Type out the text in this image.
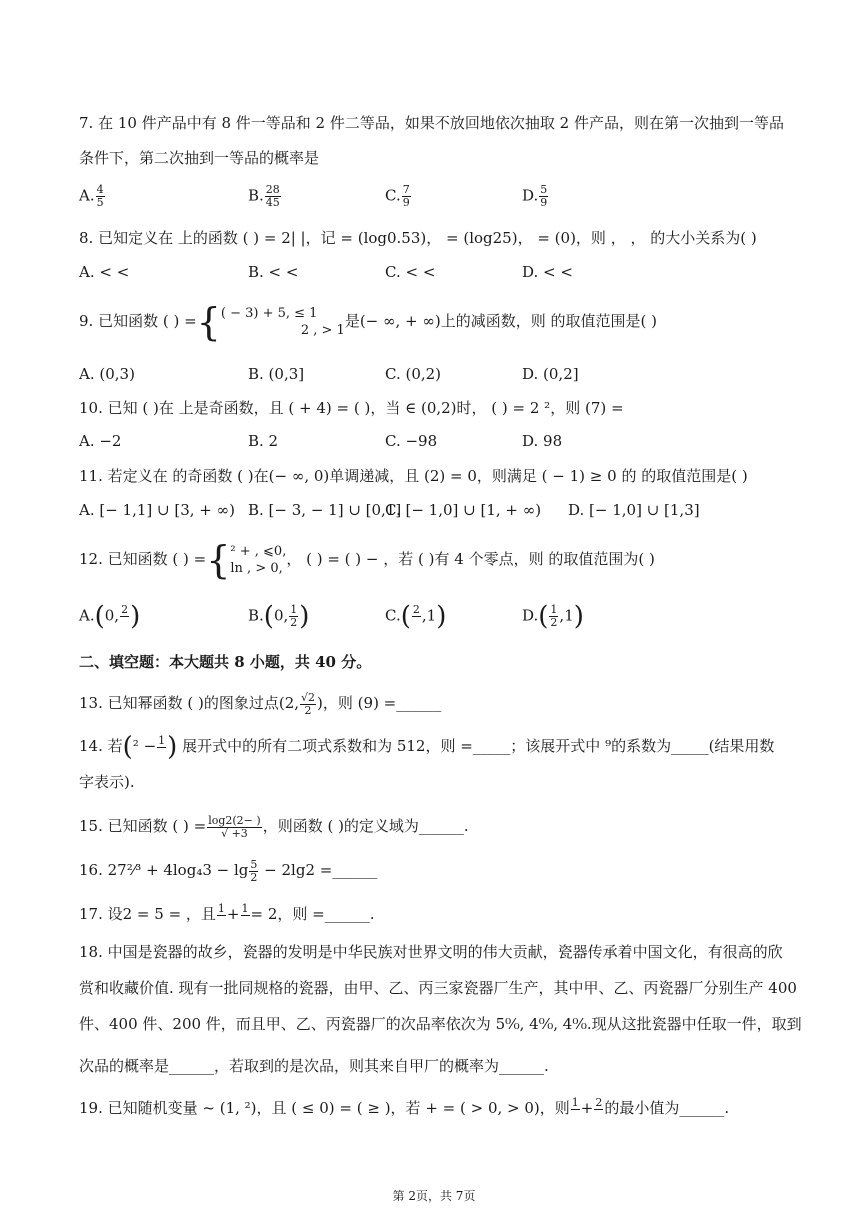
7. 在 10 件产品中有 8 件一等品和 2 件二等品，如果不放回地依次抽取 2 件产品，则在第一次抽到一等品
条件下，第二次抽到一等品的概率是
A. $\frac{4}{5}$	B. $\frac{28}{45}$	C. $\frac{7}{9}$	D. $\frac{5}{9}$
8. 已知定义在 上的函数 ( ) = 2| |，记 = (log0.53)， = (log25)， = (0)，则 ， ， 的大小关系为( )
A. < <	B. < <	C. < <	D. < <
9. 已知函数 ( ) ={ ( − 3) + 5, ≤ 1
2 , > 1
是(− ∞, + ∞)上的减函数，则 的取值范围是( )
A. (0,3)	B. (0,3]	C. (0,2)	D. (0,2]
10. 已知 ( )在 上是奇函数，且 ( + 4) = ( )，当 ∈ (0,2)时， ( ) = 2 ²，则 (7) =
A. −2	B. 2	C. −98	D. 98
11. 若定义在 的奇函数 ( )在(− ∞, 0)单调递减，且 (2) = 0，则满足 ( − 1) ≥ 0 的 的取值范围是( )
A. [− 1,1] ∪ [3, + ∞) B. [− 3, − 1] ∪ [0,1]
C. [− 1,0] ∪ [1, + ∞) D. [− 1,0] ∪ [1,3]
12. 已知函数 ( ) ={ ² + , ⩽0,
ln , > 0,
， ( ) = ( ) − ，若 ( )有 4 个零点，则 的取值范围为( )
A.(0, 2
)	B.(0, $\frac{1}{2}$ )	C.( 2
,1)	$D.( \frac{1}{2} ,1)$
二、填空题：本大题共 8 小题，共 40 分。
13. 已知幂函数 ( )的图象过点(2, $\frac{√2}{2}$ )，则 (9) =______
14. 若(² − 1
) 展开式中的所有二项式系数和为 512，则 =_____；该展开式中 ⁹的系数为_____(结果用数
字表示).
15. 已知函数 ( ) = $\frac{\log 2(2- )}{√ +3}$ ，则函数 ( )的定义域为______.
16. 27²⁄³ + $4\log_43 - \lg \frac{5}{2} - 2\lg 2$ =______
17. 设2 = 5 = ，且 1
+ 1
= 2，则 =______.
18. 中国是瓷器的故乡，瓷器的发明是中华民族对世界文明的伟大贡献，瓷器传承着中国文化，有很高的欣
赏和收藏价值. 现有一批同规格的瓷器，由甲、乙、丙三家瓷器厂生产，其中甲、乙、丙瓷器厂分别生产 400
件、400 件、200 件，而且甲、乙、丙瓷器厂的次品率依次为 5⁰⁄₀, 4⁰⁄₀, 4⁰⁄₀.现从这批瓷器中任取一件，取到
次品的概率是______，若取到的是次品，则其来自甲厂的概率为______.
19. 已知随机变量 ~ (1, ²)，且 ( ≤ 0) = ( ≥ )，若 + = ( > 0, > 0)，则 1
+ 2
的最小值为______.
第 2页，共 7页
